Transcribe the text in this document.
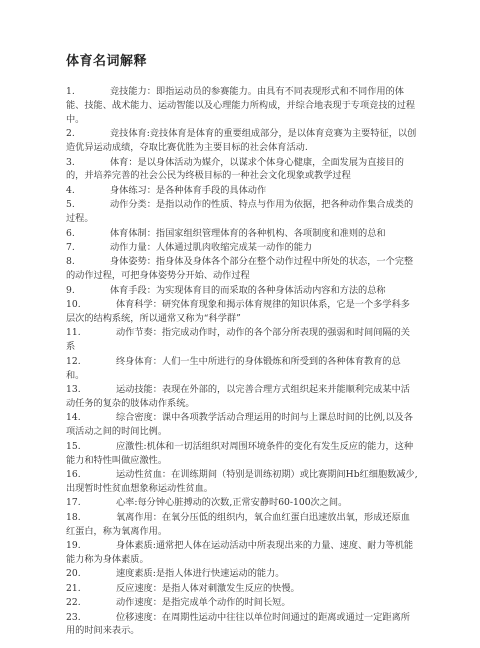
体育名词解释
1.	竞技能力：即指运动员的参赛能力。由具有不同表现形式和不同作用的体能、技能、战术能力、运动智能以及心理能力所构成，并综合地表现于专项竞技的过程中。
2.	竞技体育:竞技体育是体育的重要组成部分，是以体育竞赛为主要特征，以创造优异运动成绩，夺取比赛优胜为主要目标的社会体育活动.
3.	体育：是以身体活动为媒介，以谋求个体身心健康，全面发展为直接目的的，并培养完善的社会公民为终极目标的一种社会文化现象或教学过程
4.	身体练习：是各种体育手段的具体动作
5.	动作分类：是指以动作的性质、特点与作用为依据，把各种动作集合成类的过程。
6.	体育体制：指国家组织管理体育的各种机构、各项制度和准则的总和
7.	动作力量：人体通过肌肉收缩完成某一动作的能力
8.	身体姿势：指身体及身体各个部分在整个动作过程中所处的状态，一个完整的动作过程，可把身体姿势分开始、动作过程
9.	体育手段：为实现体育目的而采取的各种身体活动内容和方法的总称
10.	体育科学：研究体育现象和揭示体育规律的知识体系，它是一个多学科多层次的结构系统，所以通常又称为“科学群”
11.	动作节奏：指完成动作时，动作的各个部分所表现的强弱和时间间隔的关系
12.	终身体育：人们一生中所进行的身体锻炼和所受到的各种体育教育的总和。
13.	运动技能：表现在外部的，以完善合理方式组织起来并能顺利完成某中活动任务的复杂的肢体动作系统。
14.	综合密度：课中各项教学活动合理运用的时间与上课总时间的比例,以及各项活动之间的时间比例。
15.	应激性:机体和一切活组织对周围环境条件的变化有发生反应的能力，这种能力和特性叫做应激性。
16.	运动性贫血：在训练期间（特别是训练初期）或比赛期间Hb红细胞数减少,出现暂时性贫血想象称运动性贫血。
17.	心率:每分钟心脏搏动的次数,正常安静时60-100次之间。
18.	氧离作用：在氧分压低的组织内，氧合血红蛋白迅速放出氧，形成还原血红蛋白，称为氧离作用。
19.	身体素质:通常把人体在运动活动中所表现出来的力量、速度、耐力等机能能力称为身体素质。
20.	速度素质:是指人体进行快速运动的能力。
21.	反应速度：是指人体对刺激发生反应的快慢。
22.	动作速度：是指完成单个动作的时间长短。
23.	位移速度：在周期性运动中往往以单位时间通过的距离或通过一定距离所用的时间来表示。
